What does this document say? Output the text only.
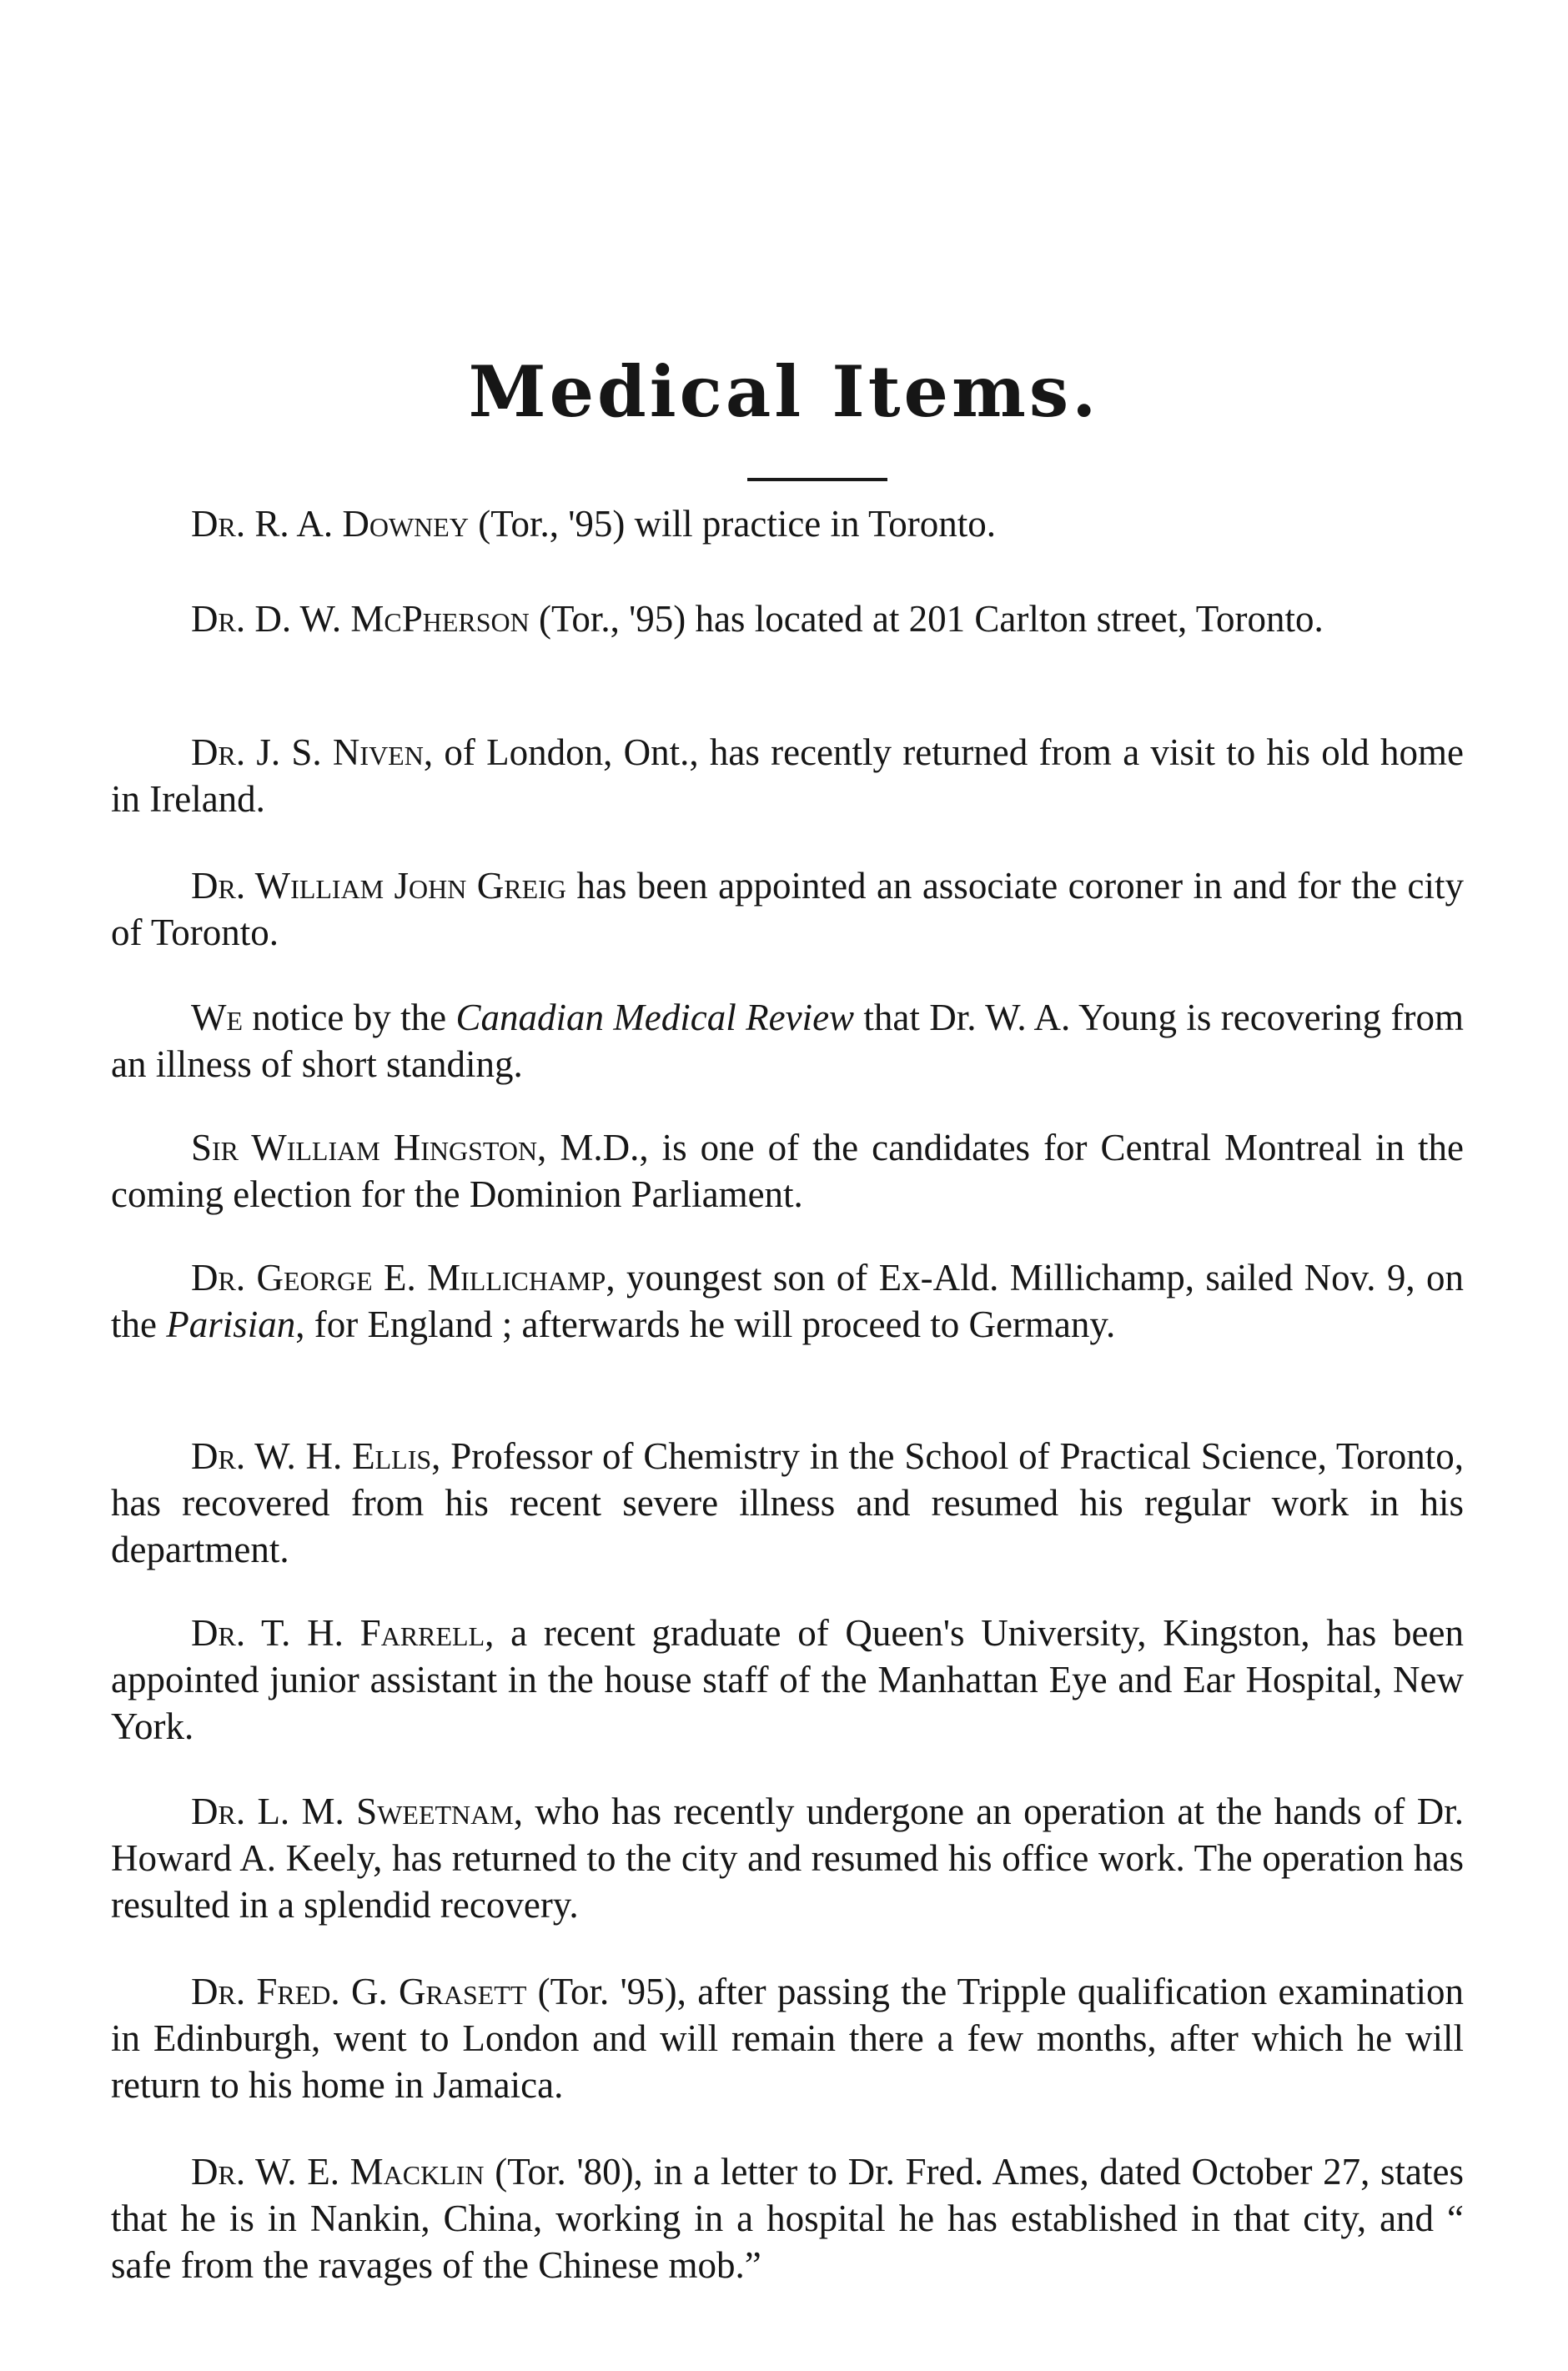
Medical Items.

Dr. R. A. Downey (Tor., '95) will practice in Toronto.

Dr. D. W. McPherson (Tor., '95) has located at 201 Carlton street, Toronto.

Dr. J. S. Niven, of London, Ont., has recently returned from a visit to his old home in Ireland.

Dr. William John Greig has been appointed an associate coroner in and for the city of Toronto.

We notice by the Canadian Medical Review that Dr. W. A. Young is recovering from an illness of short standing.

Sir William Hingston, M.D., is one of the candidates for Central Montreal in the coming election for the Dominion Parliament.

Dr. George E. Millichamp, youngest son of Ex-Ald. Millichamp, sailed Nov. 9, on the Parisian, for England ; afterwards he will proceed to Germany.

Dr. W. H. Ellis, Professor of Chemistry in the School of Practical Science, Toronto, has recovered from his recent severe illness and resumed his regular work in his department.

Dr. T. H. Farrell, a recent graduate of Queen's University, Kingston, has been appointed junior assistant in the house staff of the Manhattan Eye and Ear Hospital, New York.

Dr. L. M. Sweetnam, who has recently undergone an operation at the hands of Dr. Howard A. Keely, has returned to the city and resumed his office work. The operation has resulted in a splendid recovery.

Dr. Fred. G. Grasett (Tor. '95), after passing the Tripple qualification examination in Edinburgh, went to London and will remain there a few months, after which he will return to his home in Jamaica.

Dr. W. E. Macklin (Tor. '80), in a letter to Dr. Fred. Ames, dated October 27, states that he is in Nankin, China, working in a hospital he has established in that city, and “ safe from the ravages of the Chinese mob.”
